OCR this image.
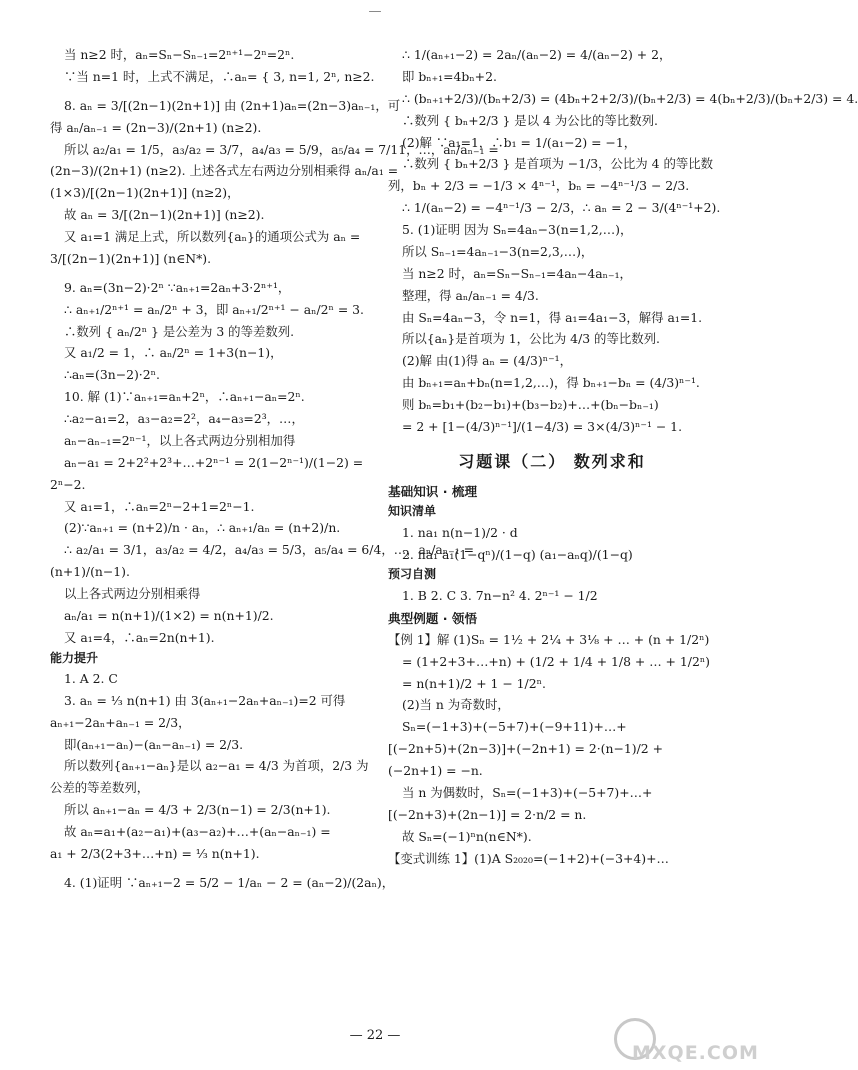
—
当 n≥2 时，aₙ=Sₙ−Sₙ₋₁=2ⁿ⁺¹−2ⁿ=2ⁿ.
∵当 n=1 时，上式不满足，∴aₙ= { 3, n=1, 2ⁿ, n≥2.
8. aₙ = 3/[(2n−1)(2n+1)] 由 (2n+1)aₙ=(2n−3)aₙ₋₁，可
得 aₙ/aₙ₋₁ = (2n−3)/(2n+1) (n≥2).
所以 a₂/a₁ = 1/5，a₃/a₂ = 3/7，a₄/a₃ = 5/9，a₅/a₄ = 7/11，…，aₙ/aₙ₋₁ =
(2n−3)/(2n+1) (n≥2). 上述各式左右两边分别相乘得 aₙ/a₁ =
(1×3)/[(2n−1)(2n+1)] (n≥2)，
故 aₙ = 3/[(2n−1)(2n+1)] (n≥2).
又 a₁=1 满足上式，所以数列{aₙ}的通项公式为 aₙ =
3/[(2n−1)(2n+1)] (n∈N*).
9. aₙ=(3n−2)·2ⁿ ∵aₙ₊₁=2aₙ+3·2ⁿ⁺¹，
∴ aₙ₊₁/2ⁿ⁺¹ = aₙ/2ⁿ + 3，即 aₙ₊₁/2ⁿ⁺¹ − aₙ/2ⁿ = 3.
∴数列 { aₙ/2ⁿ } 是公差为 3 的等差数列.
又 a₁/2 = 1，∴ aₙ/2ⁿ = 1+3(n−1)，
∴aₙ=(3n−2)·2ⁿ.
10. 解 (1)∵aₙ₊₁=aₙ+2ⁿ，∴aₙ₊₁−aₙ=2ⁿ.
∴a₂−a₁=2，a₃−a₂=2²，a₄−a₃=2³，…，
aₙ−aₙ₋₁=2ⁿ⁻¹，以上各式两边分别相加得
aₙ−a₁ = 2+2²+2³+…+2ⁿ⁻¹ = 2(1−2ⁿ⁻¹)/(1−2) =
2ⁿ−2.
又 a₁=1，∴aₙ=2ⁿ−2+1=2ⁿ−1.
(2)∵aₙ₊₁ = (n+2)/n · aₙ，∴ aₙ₊₁/aₙ = (n+2)/n.
∴ a₂/a₁ = 3/1，a₃/a₂ = 4/2，a₄/a₃ = 5/3，a₅/a₄ = 6/4，…，aₙ/aₙ₋₁ =
(n+1)/(n−1).
以上各式两边分别相乘得
aₙ/a₁ = n(n+1)/(1×2) = n(n+1)/2.
又 a₁=4，∴aₙ=2n(n+1).
能力提升
1. A 2. C
3. aₙ = ⅓ n(n+1) 由 3(aₙ₊₁−2aₙ+aₙ₋₁)=2 可得
aₙ₊₁−2aₙ+aₙ₋₁ = 2/3，
即(aₙ₊₁−aₙ)−(aₙ−aₙ₋₁) = 2/3.
所以数列{aₙ₊₁−aₙ}是以 a₂−a₁ = 4/3 为首项，2/3 为
公差的等差数列，
所以 aₙ₊₁−aₙ = 4/3 + 2/3(n−1) = 2/3(n+1).
故 aₙ=a₁+(a₂−a₁)+(a₃−a₂)+…+(aₙ−aₙ₋₁) =
a₁ + 2/3(2+3+…+n) = ⅓ n(n+1).
4. (1)证明 ∵aₙ₊₁−2 = 5/2 − 1/aₙ − 2 = (aₙ−2)/(2aₙ)，
∴ 1/(aₙ₊₁−2) = 2aₙ/(aₙ−2) = 4/(aₙ−2) + 2，
即 bₙ₊₁=4bₙ+2.
∴ (bₙ₊₁+2/3)/(bₙ+2/3) = (4bₙ+2+2/3)/(bₙ+2/3) = 4(bₙ+2/3)/(bₙ+2/3) = 4.
∴数列 { bₙ+2/3 } 是以 4 为公比的等比数列.
(2)解 ∵a₁=1，∴b₁ = 1/(a₁−2) = −1，
∴数列 { bₙ+2/3 } 是首项为 −1/3，公比为 4 的等比数
列，bₙ + 2/3 = −1/3 × 4ⁿ⁻¹，bₙ = −4ⁿ⁻¹/3 − 2/3.
∴ 1/(aₙ−2) = −4ⁿ⁻¹/3 − 2/3，∴ aₙ = 2 − 3/(4ⁿ⁻¹+2).
5. (1)证明 因为 Sₙ=4aₙ−3(n=1,2,…)，
所以 Sₙ₋₁=4aₙ₋₁−3(n=2,3,…)，
当 n≥2 时，aₙ=Sₙ−Sₙ₋₁=4aₙ−4aₙ₋₁，
整理，得 aₙ/aₙ₋₁ = 4/3.
由 Sₙ=4aₙ−3，令 n=1，得 a₁=4a₁−3，解得 a₁=1.
所以{aₙ}是首项为 1，公比为 4/3 的等比数列.
(2)解 由(1)得 aₙ = (4/3)ⁿ⁻¹，
由 bₙ₊₁=aₙ+bₙ(n=1,2,…)，得 bₙ₊₁−bₙ = (4/3)ⁿ⁻¹.
则 bₙ=b₁+(b₂−b₁)+(b₃−b₂)+…+(bₙ−bₙ₋₁)
= 2 + [1−(4/3)ⁿ⁻¹]/(1−4/3) = 3×(4/3)ⁿ⁻¹ − 1.
习题课（二） 数列求和
基础知识 · 梳理
知识清单
1. na₁ n(n−1)/2 · d
2. na₁ a₁(1−qⁿ)/(1−q) (a₁−aₙq)/(1−q)
预习自测
1. B 2. C 3. 7n−n² 4. 2ⁿ⁻¹ − 1/2
典型例题 · 领悟
【例 1】解 (1)Sₙ = 1½ + 2¼ + 3⅛ + … + (n + 1/2ⁿ)
= (1+2+3+…+n) + (1/2 + 1/4 + 1/8 + … + 1/2ⁿ)
= n(n+1)/2 + 1 − 1/2ⁿ.
(2)当 n 为奇数时，
Sₙ=(−1+3)+(−5+7)+(−9+11)+…+
[(−2n+5)+(2n−3)]+(−2n+1) = 2·(n−1)/2 +
(−2n+1) = −n.
当 n 为偶数时，Sₙ=(−1+3)+(−5+7)+…+
[(−2n+3)+(2n−1)] = 2·n/2 = n.
故 Sₙ=(−1)ⁿn(n∈N*).
【变式训练 1】(1)A S₂₀₂₀=(−1+2)+(−3+4)+…
— 22 —
MXQE.COM
